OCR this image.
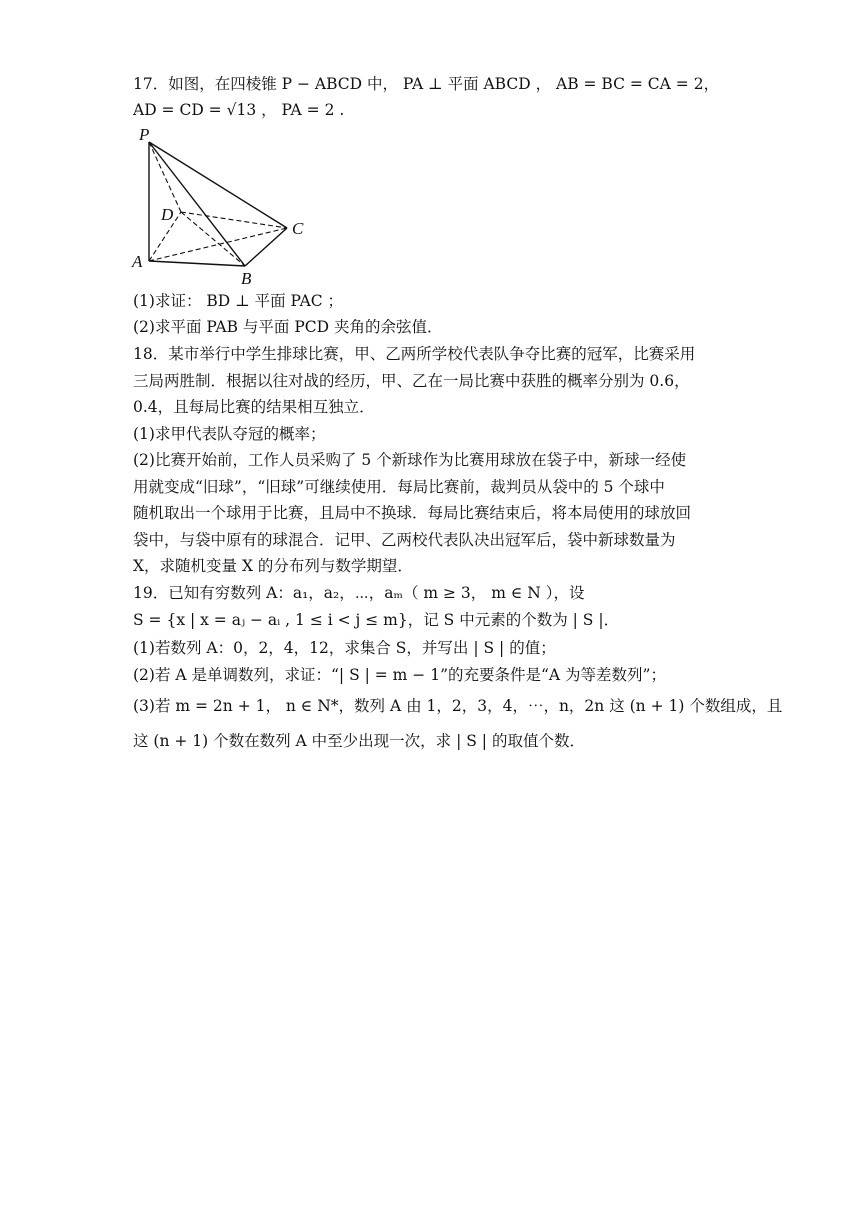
17．如图，在四棱锥 P − ABCD 中， PA ⊥ 平面 ABCD ， AB = BC = CA = 2，
AD = CD = √13 ， PA = 2 .
P
D
C
A
B
(1)求证： BD ⊥ 平面 PAC ；
(2)求平面 PAB 与平面 PCD 夹角的余弦值．
18．某市举行中学生排球比赛，甲、乙两所学校代表队争夺比赛的冠军，比赛采用
三局两胜制．根据以往对战的经历，甲、乙在一局比赛中获胜的概率分别为 0.6，
0.4，且每局比赛的结果相互独立．
(1)求甲代表队夺冠的概率；
(2)比赛开始前，工作人员采购了 5 个新球作为比赛用球放在袋子中，新球一经使
用就变成“旧球”，“旧球”可继续使用．每局比赛前，裁判员从袋中的 5 个球中
随机取出一个球用于比赛，且局中不换球．每局比赛结束后，将本局使用的球放回
袋中，与袋中原有的球混合．记甲、乙两校代表队决出冠军后，袋中新球数量为
X，求随机变量 X 的分布列与数学期望．
19．已知有穷数列 A：a₁，a₂，⋯，aₘ（ m ≥ 3， m ∈ N ），设
S = {x | x = aⱼ − aᵢ , 1 ≤ i < j ≤ m}，记 S 中元素的个数为 | S |．
(1)若数列 A：0，2，4，12，求集合 S，并写出 | S | 的值；
(2)若 A 是单调数列，求证：“| S | = m − 1”的充要条件是“A 为等差数列”；
(3)若 m = 2n + 1， n ∈ N*，数列 A 由 1，2，3，4，⋯，n，2n 这 (n + 1) 个数组成，且
这 (n + 1) 个数在数列 A 中至少出现一次，求 | S | 的取值个数．
